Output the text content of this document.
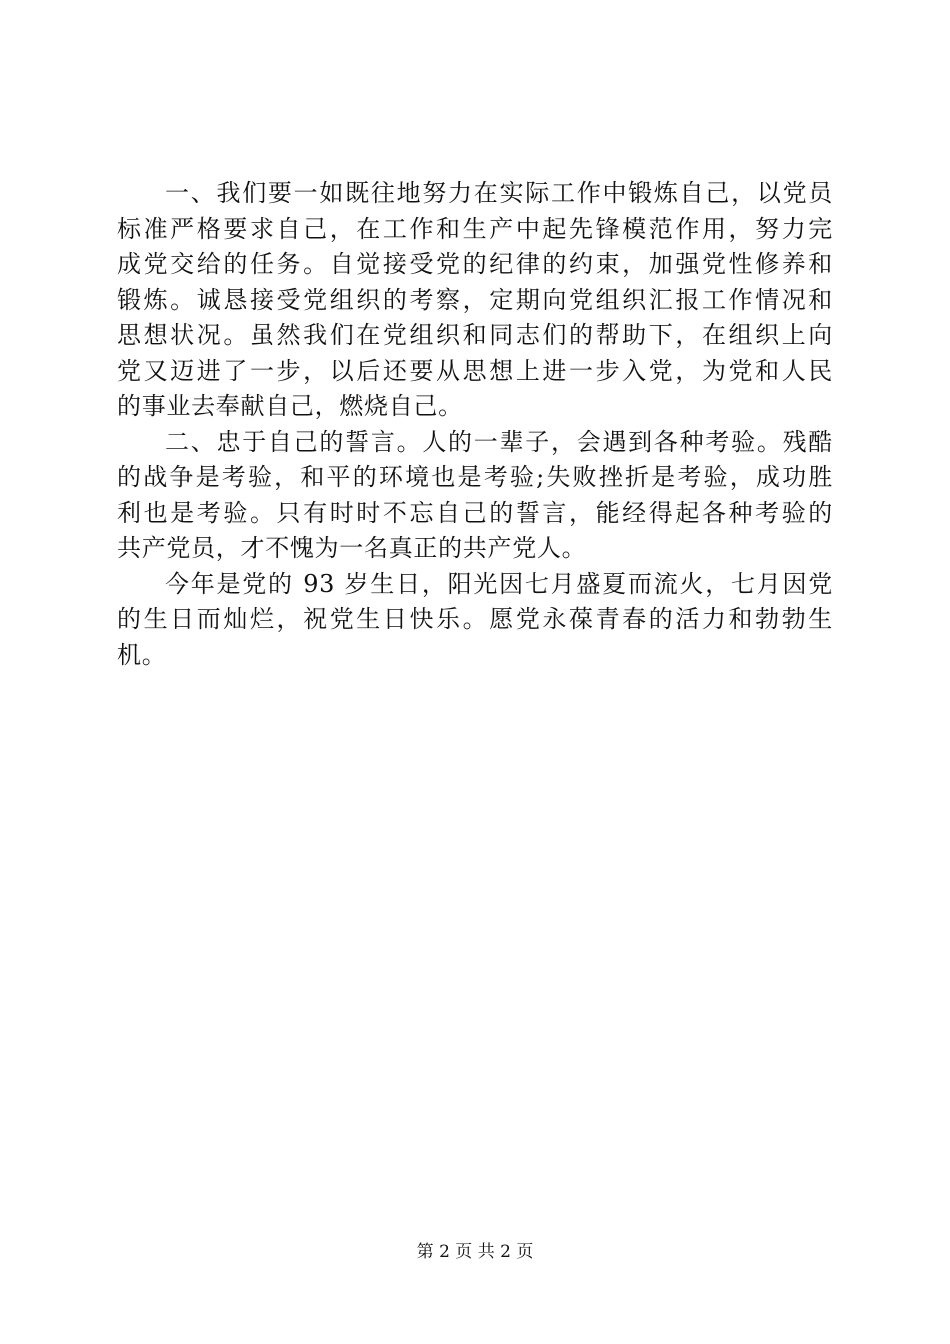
一、我们要一如既往地努力在实际工作中锻炼自己，以党员
标准严格要求自己，在工作和生产中起先锋模范作用，努力完
成党交给的任务。自觉接受党的纪律的约束，加强党性修养和
锻炼。诚恳接受党组织的考察，定期向党组织汇报工作情况和
思想状况。虽然我们在党组织和同志们的帮助下，在组织上向
党又迈进了一步，以后还要从思想上进一步入党，为党和人民
的事业去奉献自己，燃烧自己。
二、忠于自己的誓言。人的一辈子，会遇到各种考验。残酷
的战争是考验，和平的环境也是考验;失败挫折是考验，成功胜
利也是考验。只有时时不忘自己的誓言，能经得起各种考验的
共产党员，才不愧为一名真正的共产党人。
今年是党的 93 岁生日，阳光因七月盛夏而流火，七月因党
的生日而灿烂，祝党生日快乐。愿党永葆青春的活力和勃勃生
机。
第 2 页 共 2 页
